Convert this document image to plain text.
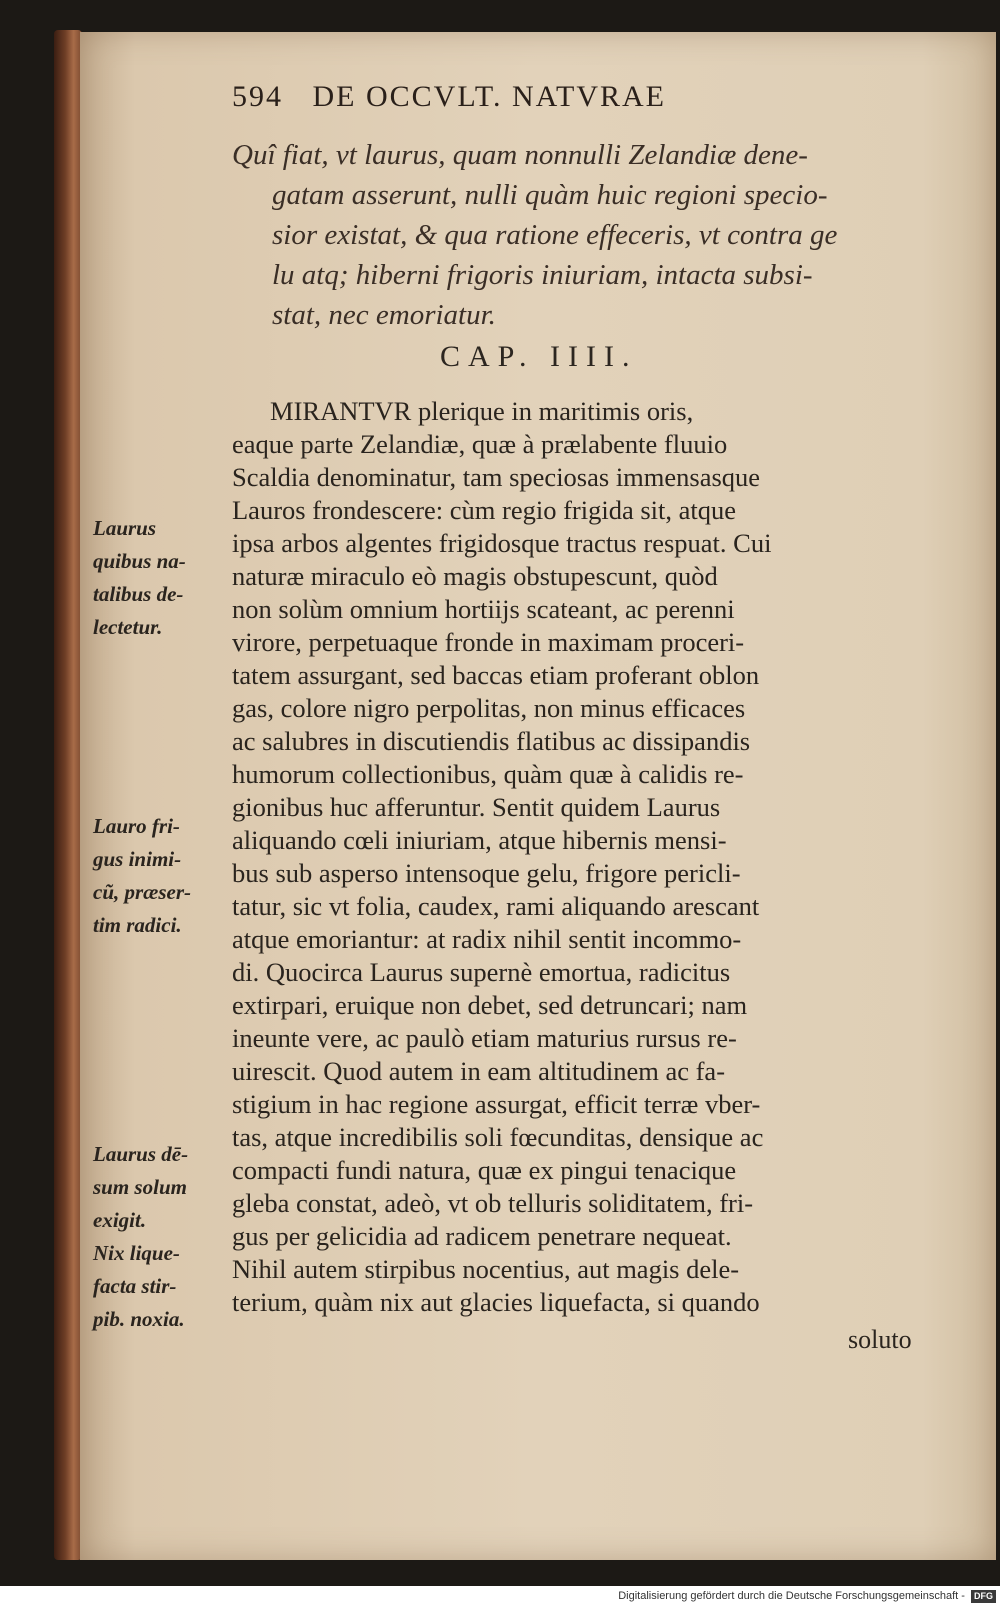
594 DE OCCVLT. NATVRAE
Quî fiat, vt laurus, quam nonnulli Zelandiæ dene-
gatam asserunt, nulli quàm huic regioni specio-
sior existat, & qua ratione effeceris, vt contra ge
lu atq; hiberni frigoris iniuriam, intacta subsi-
stat, nec emoriatur.
CAP. IIII.
MIRANTVR plerique in maritimis oris,
eaque parte Zelandiæ, quæ à prælabente fluuio
Scaldia denominatur, tam speciosas immensasque
Lauros frondescere: cùm regio frigida sit, atque
ipsa arbos algentes frigidosque tractus respuat. Cui
naturæ miraculo eò magis obstupescunt, quòd
non solùm omnium hortiijs scateant, ac perenni
virore, perpetuaque fronde in maximam proceri-
tatem assurgant, sed baccas etiam proferant oblon
gas, colore nigro perpolitas, non minus efficaces
ac salubres in discutiendis flatibus ac dissipandis
humorum collectionibus, quàm quæ à calidis re-
gionibus huc afferuntur. Sentit quidem Laurus
aliquando cœli iniuriam, atque hibernis mensi-
bus sub asperso intensoque gelu, frigore pericli-
tatur, sic vt folia, caudex, rami aliquando arescant
atque emoriantur: at radix nihil sentit incommo-
di. Quocirca Laurus supernè emortua, radicitus
extirpari, eruique non debet, sed detruncari; nam
ineunte vere, ac paulò etiam maturius rursus re-
uirescit. Quod autem in eam altitudinem ac fa-
stigium in hac regione assurgat, efficit terræ vber-
tas, atque incredibilis soli fœcunditas, densique ac
compacti fundi natura, quæ ex pingui tenacique
gleba constat, adeò, vt ob telluris soliditatem, fri-
gus per gelicidia ad radicem penetrare nequeat.
Nihil autem stirpibus nocentius, aut magis dele-
terium, quàm nix aut glacies liquefacta, si quando
Laurus
quibus na-
talibus de-
lectetur.
Lauro fri-
gus inimi-
cũ, præser-
tim radici.
Laurus dē-
sum solum
exigit.
Nix lique-
facta stir-
pib. noxia.
soluto
Digitalisierung gefördert durch die Deutsche Forschungsgemeinschaft - DFG
